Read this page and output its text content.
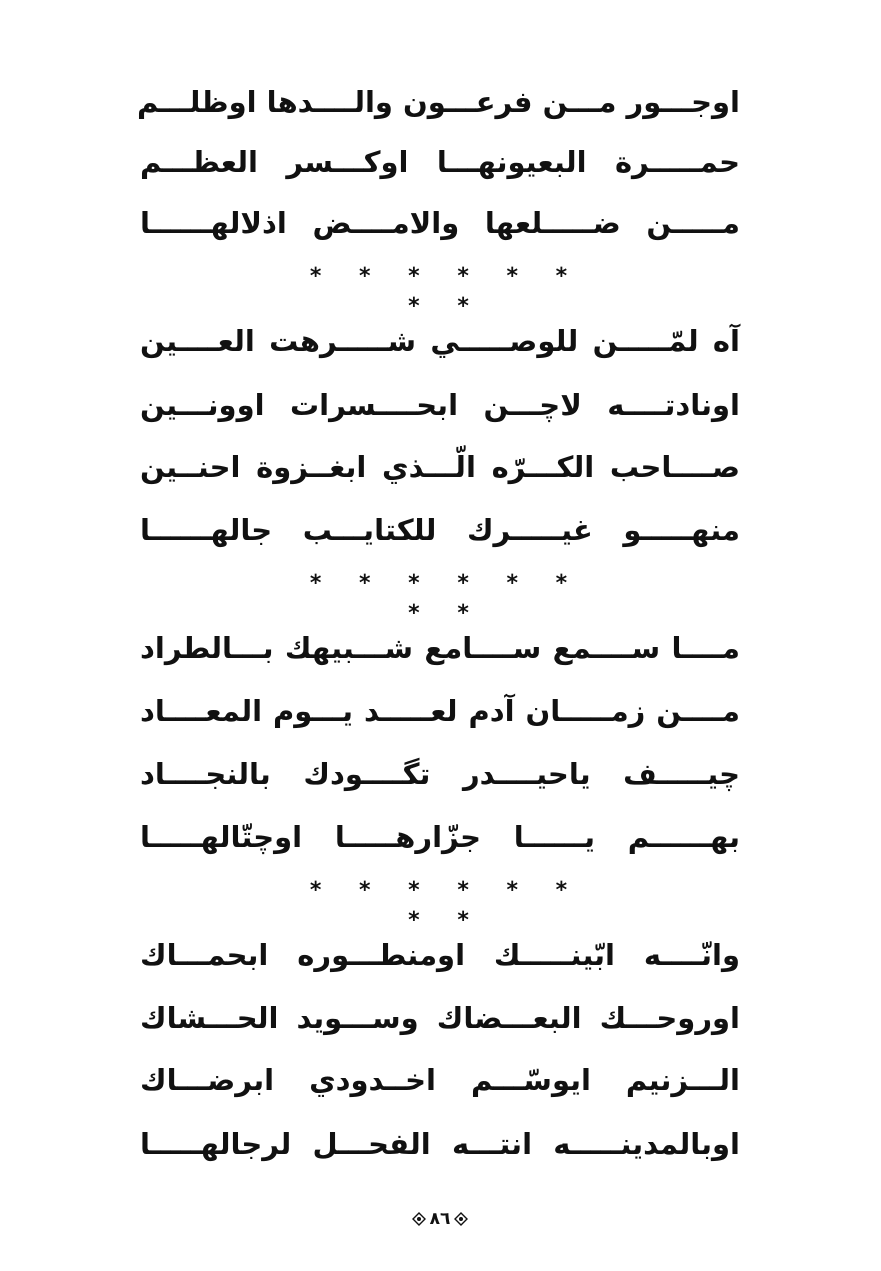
اوجـــور مـــن فرعـــون والــــدها اوظلـــم
حمـــــرة البعيونهـــا اوكـــسر العظـــم
مـــــن ضـــــلعها والامــــض اذلالهــــــا
* * * * * * * *
آه لمّـــــن للوصـــــي شـــــرهت العــــين
اونادتــــه لاچـــن ابحــــسرات اوونـــين
صــــاحب الكـــرّه الّـــذي ابغــزوة احنــين
منهـــــو غيـــــرك للكتايـــب جالهــــــا
* * * * * * * *
مــــا ســــمع ســــامع شـــبيهك بـــالطراد
مــــن زمـــــان آدم لعـــــد يـــوم المعــــاد
چيـــــف ياحيــــدر تگــــودك بالنجــــاد
بهــــــم يــــــا جزّارهـــــا اوچتّالهـــــا
* * * * * * * *
وانّــــه ابّينـــــك اومنطـــوره ابحمـــاك
اوروحـــك البعـــضاك وســـويد الحـــشاك
الـــزنيم ايوسّـــم اخــدودي ابرضـــاك
اوبالمدينـــــه انتـــه الفحـــل لرجالهـــــا
٨٦
